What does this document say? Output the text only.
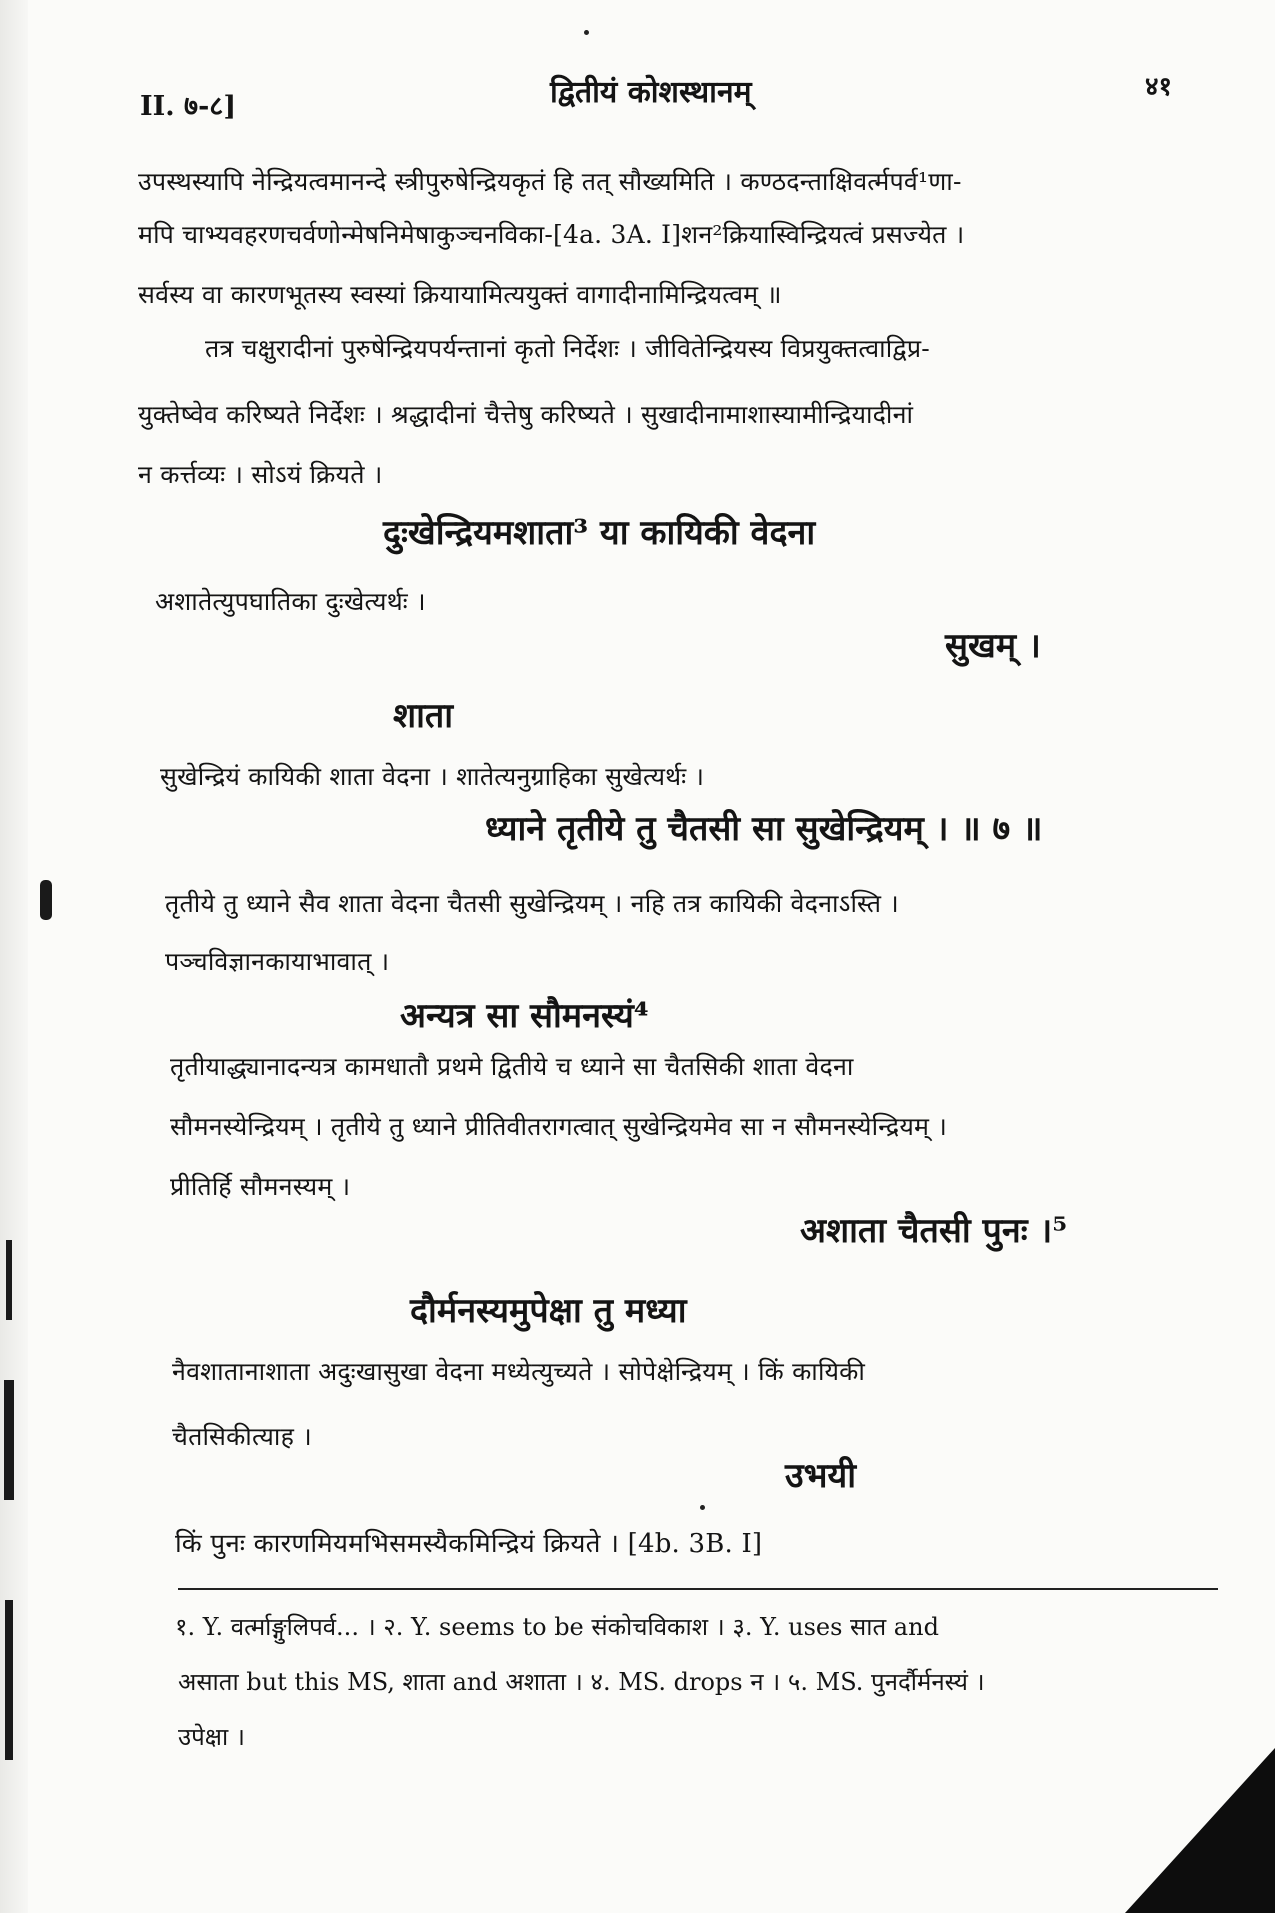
II. ७-८]	द्वितीयं कोशस्थानम्	४१
उपस्थस्यापि नेन्द्रियत्वमानन्दे स्त्रीपुरुषेन्द्रियकृतं हि तत् सौख्यमिति । कण्ठदन्ताक्षिवर्त्मपर्व¹णा-
मपि चाभ्यवहरणचर्वणोन्मेषनिमेषाकुञ्चनविका-[4a. 3A. I]शन²क्रियास्विन्द्रियत्वं प्रसज्येत ।
सर्वस्य वा कारणभूतस्य स्वस्यां क्रियायामित्ययुक्तं वागादीनामिन्द्रियत्वम् ॥
तत्र चक्षुरादीनां पुरुषेन्द्रियपर्यन्तानां कृतो निर्देशः । जीवितेन्द्रियस्य विप्रयुक्तत्वाद्विप्र-
युक्तेष्वेव करिष्यते निर्देशः । श्रद्धादीनां चैत्तेषु करिष्यते । सुखादीनामाशास्यामीन्द्रियादीनां
न कर्त्तव्यः । सोऽयं क्रियते ।
दुःखेन्द्रियमशाता³ या कायिकी वेदना
अशातेत्युपघातिका दुःखेत्यर्थः ।
सुखम् ।
शाता
सुखेन्द्रियं कायिकी शाता वेदना । शातेत्यनुग्राहिका सुखेत्यर्थः ।
ध्याने तृतीये तु चैतसी सा सुखेन्द्रियम् । ॥ ७ ॥
तृतीये तु ध्याने सैव शाता वेदना चैतसी सुखेन्द्रियम् । नहि तत्र कायिकी वेदनाऽस्ति ।
पञ्चविज्ञानकायाभावात् ।
अन्यत्र सा सौमनस्यं⁴
तृतीयाद्ध्यानादन्यत्र कामधातौ प्रथमे द्वितीये च ध्याने सा चैतसिकी शाता वेदना
सौमनस्येन्द्रियम् । तृतीये तु ध्याने प्रीतिवीतरागत्वात् सुखेन्द्रियमेव सा न सौमनस्येन्द्रियम् ।
प्रीतिर्हि सौमनस्यम् ।
अशाता चैतसी पुनः ।⁵
दौर्मनस्यमुपेक्षा तु मध्या
नैवशातानाशाता अदुःखासुखा वेदना मध्येत्युच्यते । सोपेक्षेन्द्रियम् । किं कायिकी
चैतसिकीत्याह ।
उभयी
किं पुनः कारणमियमभिसमस्यैकमिन्द्रियं क्रियते । [4b. 3B. I]
१. Y. वर्त्माङ्गुलिपर्व... । २. Y. seems to be संकोचविकाश । ३. Y. uses सात and
असाता but this MS, शाता and अशाता । ४. MS. drops न । ५. MS. पुनर्दौर्मनस्यं ।
उपेक्षा ।
